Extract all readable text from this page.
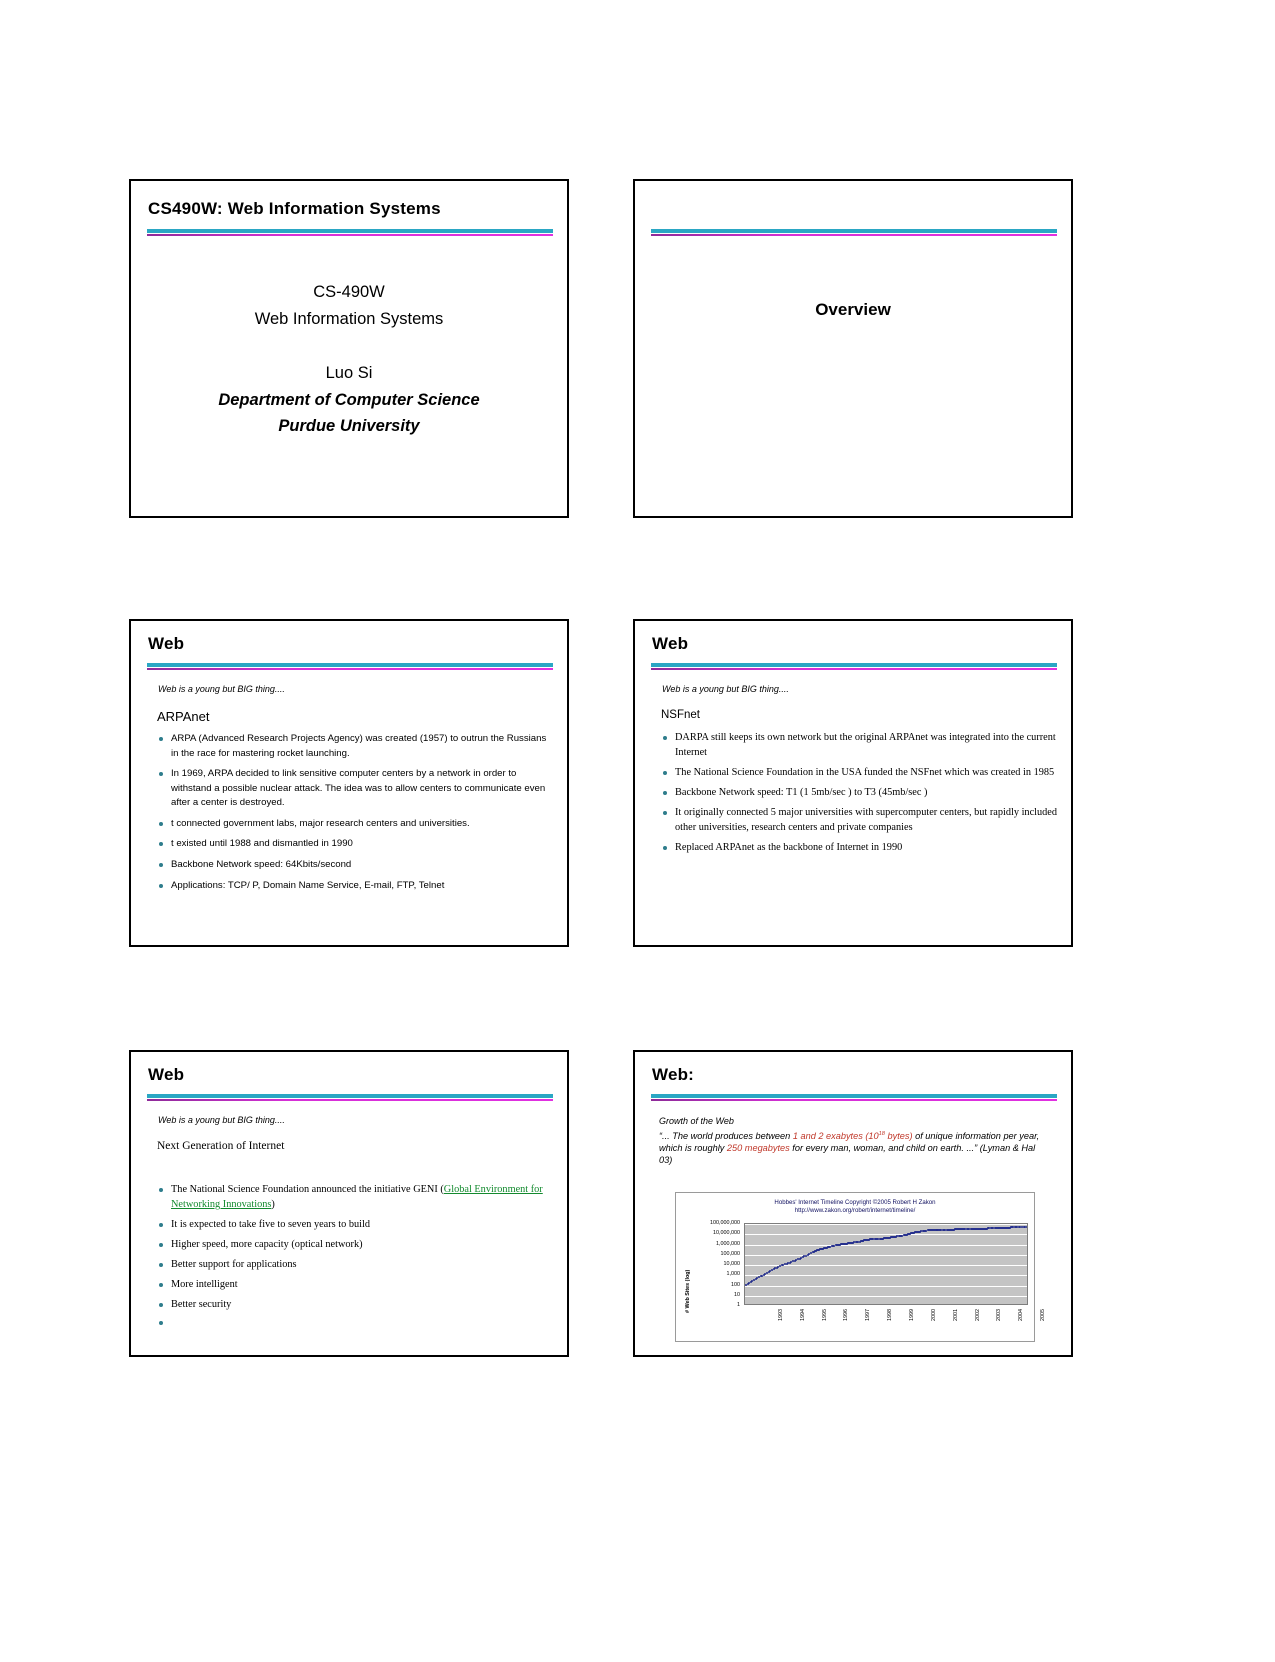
CS490W: Web Information Systems
CS-490W
Web Information Systems
Luo Si
Department of Computer Science
Purdue University
Overview
Web
Web is a young but BIG thing....
ARPAnet
ARPA (Advanced Research Projects Agency) was created (1957) to outrun the Russians in the race for mastering rocket launching.
In 1969, ARPA decided to link sensitive computer centers by a network in order to withstand a possible nuclear attack. The idea was to allow centers to communicate even after a center is destroyed.
t connected government labs, major research centers and universities.
t existed until 1988 and dismantled in 1990
Backbone Network speed: 64Kbits/second
Applications: TCP/ P, Domain Name Service, E-mail, FTP, Telnet
Web
Web is a young but BIG thing....
NSFnet
DARPA still keeps its own network but the original ARPAnet was integrated into the current Internet
The National Science Foundation in the USA funded the NSFnet which was created in 1985
Backbone Network speed: T1 (1 5mb/sec ) to T3 (45mb/sec )
It originally connected 5 major universities with supercomputer centers, but rapidly included other universities, research centers and private companies
Replaced ARPAnet as the backbone of Internet in 1990
Web
Web is a young but BIG thing....
Next Generation of Internet
The National Science Foundation announced the initiative GENI (Global Environment for Networking Innovations)
It is expected to take five to seven years to build
Higher speed, more capacity (optical network)
Better support for applications
More intelligent
Better security
Web:
Growth of the Web
“... The world produces between 1 and 2 exabytes ($10^{18}$ bytes) of unique information per year, which is roughly 250 megabytes for every man, woman, and child on earth. ...” (Lyman & Hal 03)
Hobbes' Internet Timeline Copyright ©2005 Robert H Zakon
http://www.zakon.org/robert/internet/timeline/
# Web Sites (log)
100,000,000
10,000,000
1,000,000
100,000
10,000
1,000
100
10
1
1993	1994	1995	1996	1997	1998	1999	2000	2001	2002	2003	2004	2005
